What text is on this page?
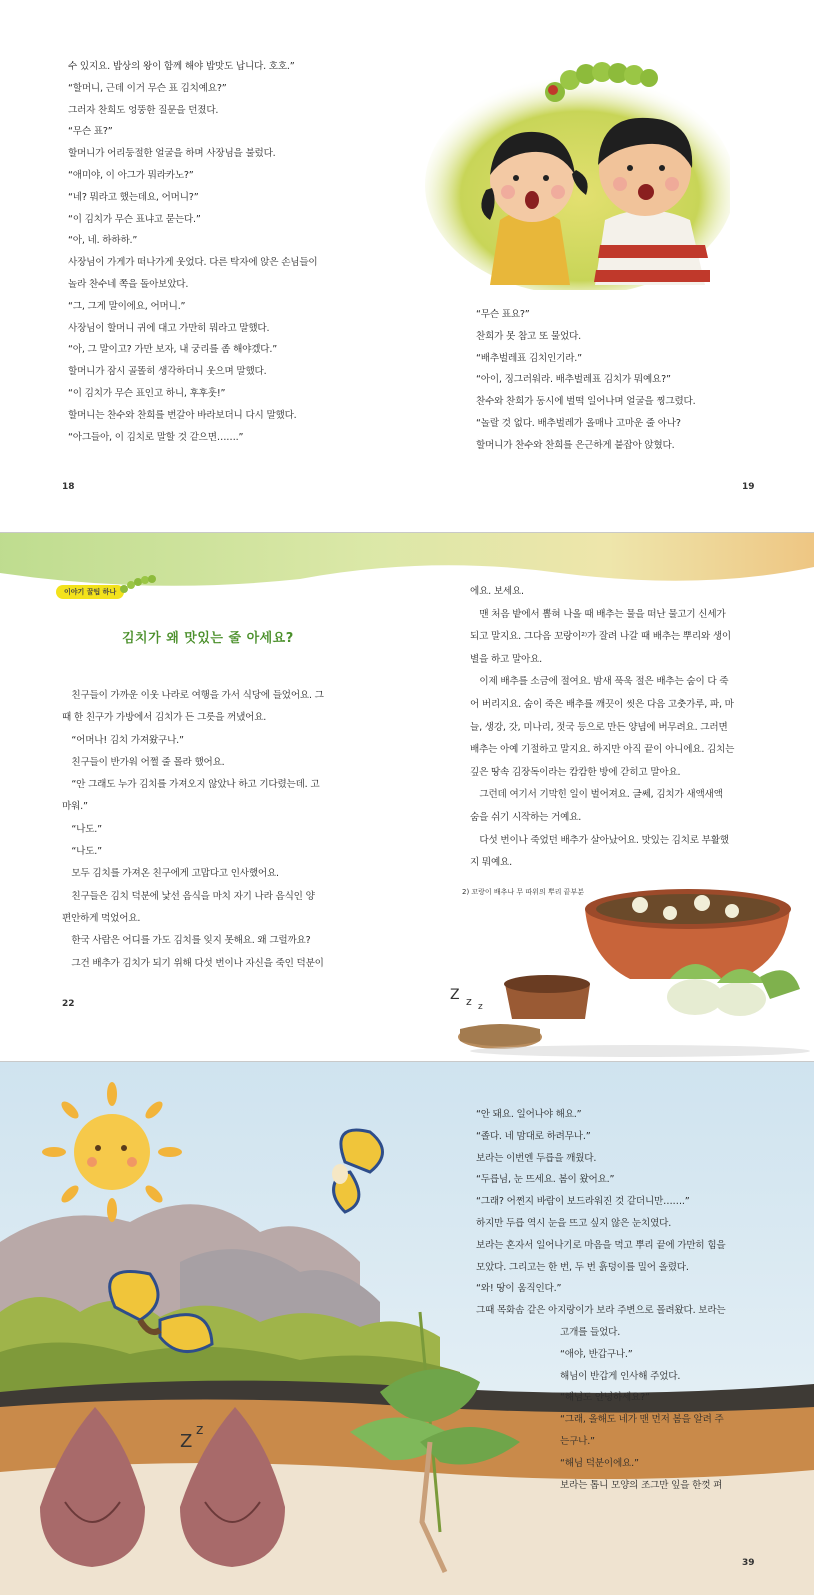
수 있지요. 밥상의 왕이 함께 해야 밥맛도 납니다. 호호.”

“할머니, 근데 이거 무슨 표 김치예요?”

그러자 찬희도 엉뚱한 질문을 던졌다.

“무슨 표?”

할머니가 어리둥절한 얼굴을 하며 사장님을 불렀다.

“애미야, 이 아그가 뭐라카노?”

“네? 뭐라고 했는데요, 어머니?”

“이 김치가 무슨 표냐고 묻는다.”

“아, 네. 하하하.”

사장님이 가게가 떠나가게 웃었다. 다른 탁자에 앉은 손님들이

놀라 찬수네 쪽을 돌아보았다.

“그, 그게 말이에요, 어머니.”

사장님이 할머니 귀에 대고 가만히 뭐라고 말했다.

“아, 그 말이고? 가만 보자, 내 궁리를 좀 해야겠다.”

할머니가 잠시 골똘히 생각하더니 웃으며 말했다.

“이 김치가 무슨 표인고 하니, 후후훗!”

할머니는 찬수와 찬희를 번갈아 바라보더니 다시 말했다.

“아그들아, 이 김치로 말할 것 같으면…….”

18

“무슨 표요?”

찬희가 못 참고 또 물었다.

“배추벌레표 김치인기라.”

“아이, 징그러워라. 배추벌레표 김치가 뭐예요?”

찬수와 찬희가 동시에 벌떡 일어나며 얼굴을 찡그렸다.

“놀랄 것 없다. 배추벌레가 올매나 고마운 줄 아나?

할머니가 찬수와 찬희를 은근하게 붙잡아 앉혔다.

19
이야기 꿀팁 하나
김치가 왜 맛있는 줄 아세요?

　친구들이 가까운 이웃 나라로 여행을 가서 식당에 들었어요. 그

때 한 친구가 가방에서 김치가 든 그릇을 꺼냈어요.

　“어머나! 김치 가져왔구나.”

　친구들이 반가워 어쩔 줄 몰라 했어요.

　“안 그래도 누가 김치를 가져오지 않았나 하고 기다렸는데. 고

마워.”

　“나도.”

　“나도.”

　모두 김치를 가져온 친구에게 고맙다고 인사했어요.

　친구들은 김치 덕분에 낯선 음식을 마치 자기 나라 음식인 양

편안하게 먹었어요.

　한국 사람은 어디를 가도 김치를 잊지 못해요. 왜 그럴까요?

　그건 배추가 김치가 되기 위해 다섯 번이나 자신을 죽인 덕분이

22

에요. 보세요.

　맨 처음 밭에서 뽑혀 나올 때 배추는 물을 떠난 물고기 신세가

되고 말지요. 그다음 꼬랑이²⁾가 잘려 나갈 때 배추는 뿌리와 생이

별을 하고 말아요.

　이제 배추를 소금에 절여요. 밤새 푹욱 절은 배추는 숨이 다 죽

어 버리지요. 숨이 죽은 배추를 깨끗이 씻은 다음 고춧가루, 파, 마

늘, 생강, 갓, 미나리, 젓국 등으로 만든 양념에 버무려요. 그러면

배추는 아예 기절하고 말지요. 하지만 아직 끝이 아니에요. 김치는

깊은 땅속 김장독이라는 캄캄한 방에 갇히고 말아요.

　그런데 여기서 기막힌 일이 벌어져요. 글쎄, 김치가 새액새액

숨을 쉬기 시작하는 거예요.

　다섯 번이나 죽었던 배추가 살아났어요. 맛있는 김치로 부활했

지 뭐예요.

2) 꼬랑이 배추나 무 따위의 뿌리 끝부분
Z z z
Z
z

“안 돼요. 일어나야 해요.”

“졸다. 네 맘대로 하려무나.”

보라는 이번엔 두릅을 깨웠다.

“두릅님, 눈 뜨세요. 봄이 왔어요.”

“그래? 어쩐지 바람이 보드라워진 것 같더니만…….”

하지만 두릅 역시 눈을 뜨고 싶지 않은 눈치였다.

보라는 혼자서 일어나기로 마음을 먹고 뿌리 끝에 가만히 힘을

모았다. 그리고는 한 번, 두 번 흙덩이를 밀어 올렸다.

“와! 땅이 움직인다.”

그때 목화솜 같은 아지랑이가 보라 주변으로 몰려왔다. 보라는

고개를 들었다.

“애야, 반갑구나.”

해님이 반갑게 인사해 주었다.

“해님도 안녕하세요?”

“그래, 올해도 네가 맨 먼저 봄을 알려 주

는구나.”

“해님 덕분이에요.”

보라는 톱니 모양의 조그만 잎을 한껏 펴

39
